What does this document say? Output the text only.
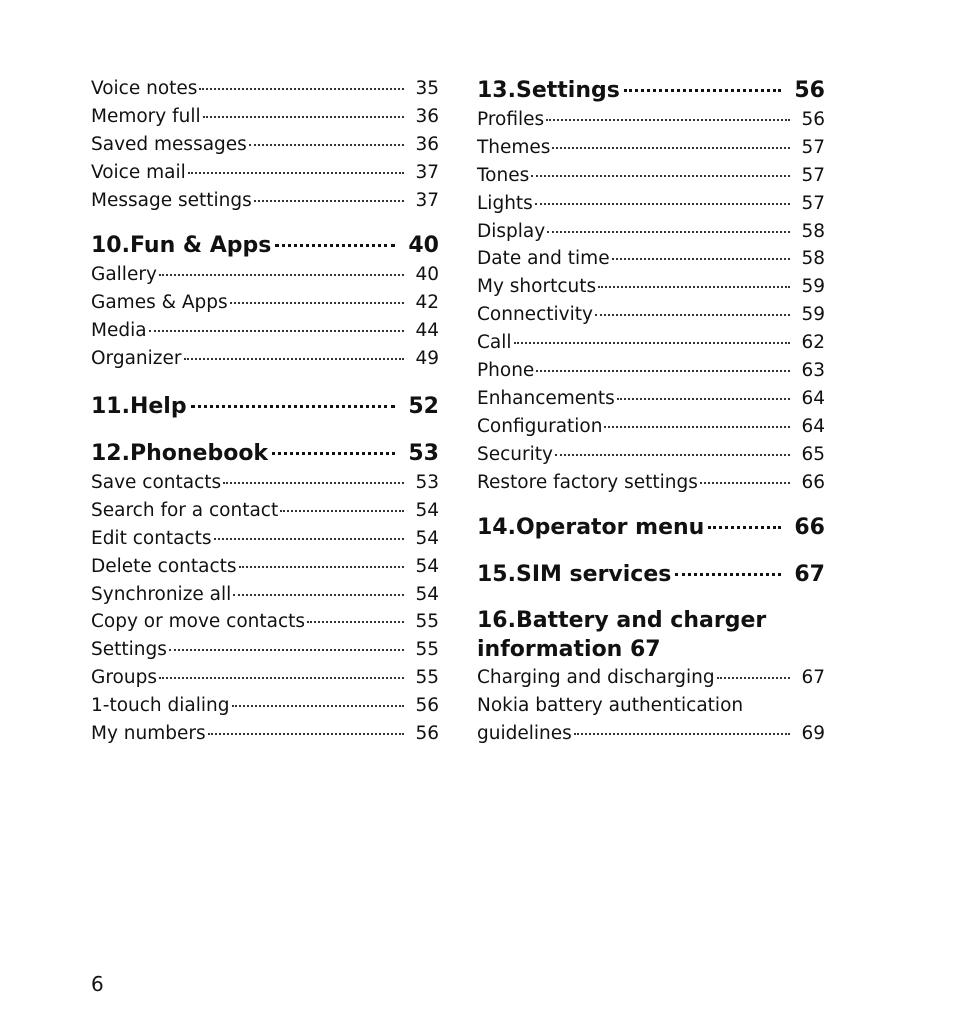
Voice notes	35
Memory full	36
Saved messages	36
Voice mail	37
Message settings	37
10.Fun & Apps	40
Gallery	40
Games & Apps	42
Media	44
Organizer	49
11.Help	52
12.Phonebook	53
Save contacts	53
Search for a contact	54
Edit contacts	54
Delete contacts	54
Synchronize all	54
Copy or move contacts	55
Settings	55
Groups	55
1-touch dialing	56
My numbers	56
13.Settings	56
Profiles	56
Themes	57
Tones	57
Lights	57
Display	58
Date and time	58
My shortcuts	59
Connectivity	59
Call	62
Phone	63
Enhancements	64
Configuration	64
Security	65
Restore factory settings	66
14.Operator menu	66
15.SIM services	67
16.Battery and charger
information 67
Charging and discharging	67
Nokia battery authentication
guidelines	69
6
